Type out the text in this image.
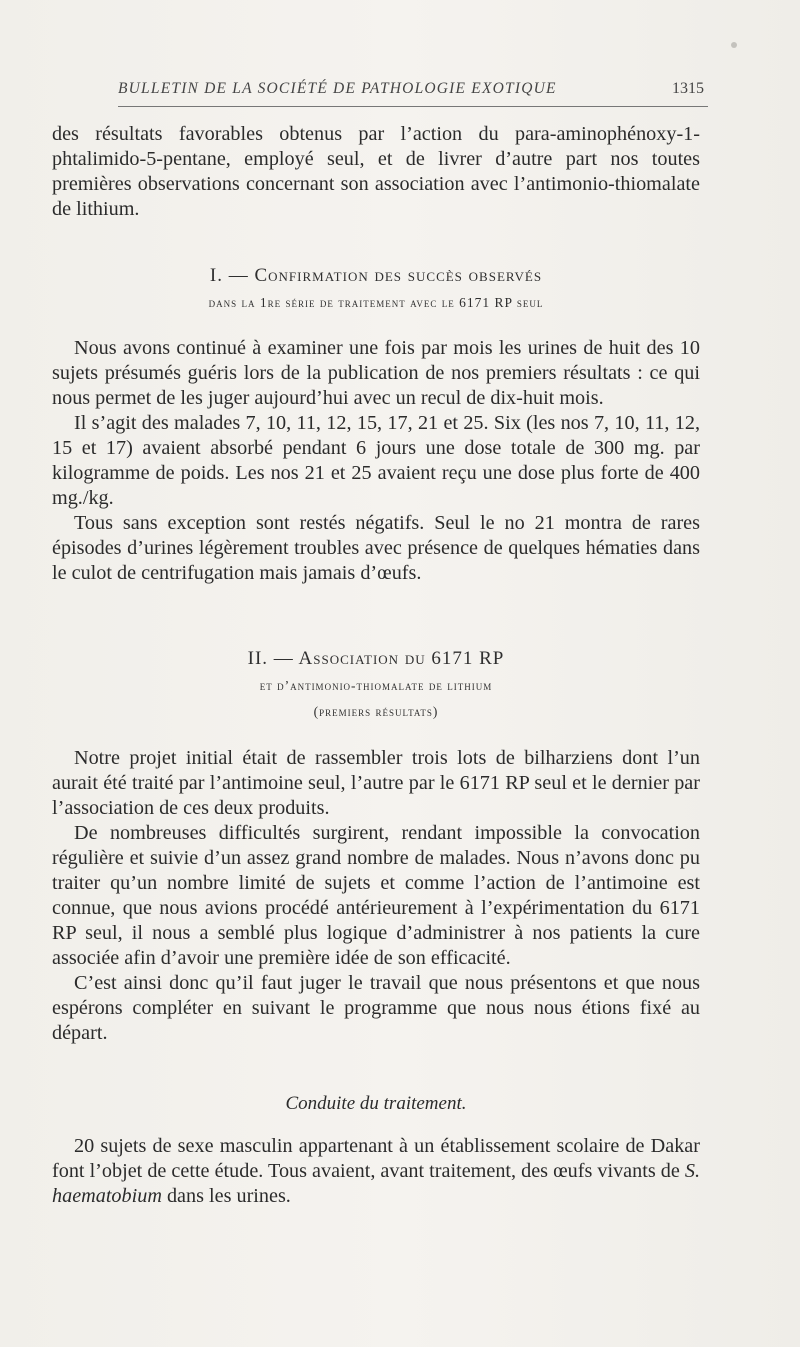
BULLETIN DE LA SOCIÉTÉ DE PATHOLOGIE EXOTIQUE	1315

des résultats favorables obtenus par l’action du para-aminophénoxy-1-phtalimido-5-pentane, employé seul, et de livrer d’autre part nos toutes premières observations concernant son association avec l’antimonio-thiomalate de lithium.

I. — Confirmation des succès observés
dans la 1re série de traitement avec le 6171 RP seul

Nous avons continué à examiner une fois par mois les urines de huit des 10 sujets présumés guéris lors de la publication de nos premiers résultats : ce qui nous permet de les juger aujourd’hui avec un recul de dix-huit mois.

Il s’agit des malades 7, 10, 11, 12, 15, 17, 21 et 25. Six (les nos 7, 10, 11, 12, 15 et 17) avaient absorbé pendant 6 jours une dose totale de 300 mg. par kilogramme de poids. Les nos 21 et 25 avaient reçu une dose plus forte de 400 mg./kg.

Tous sans exception sont restés négatifs. Seul le no 21 montra de rares épisodes d’urines légèrement troubles avec présence de quelques hématies dans le culot de centrifugation mais jamais d’œufs.

II. — Association du 6171 RP
et d’antimonio-thiomalate de lithium
(premiers résultats)

Notre projet initial était de rassembler trois lots de bilharziens dont l’un aurait été traité par l’antimoine seul, l’autre par le 6171 RP seul et le dernier par l’association de ces deux produits.

De nombreuses difficultés surgirent, rendant impossible la convocation régulière et suivie d’un assez grand nombre de malades. Nous n’avons donc pu traiter qu’un nombre limité de sujets et comme l’action de l’antimoine est connue, que nous avions procédé antérieurement à l’expérimentation du 6171 RP seul, il nous a semblé plus logique d’administrer à nos patients la cure associée afin d’avoir une première idée de son efficacité.

C’est ainsi donc qu’il faut juger le travail que nous présentons et que nous espérons compléter en suivant le programme que nous nous étions fixé au départ.

Conduite du traitement.

20 sujets de sexe masculin appartenant à un établissement scolaire de Dakar font l’objet de cette étude. Tous avaient, avant traitement, des œufs vivants de S. haematobium dans les urines.
